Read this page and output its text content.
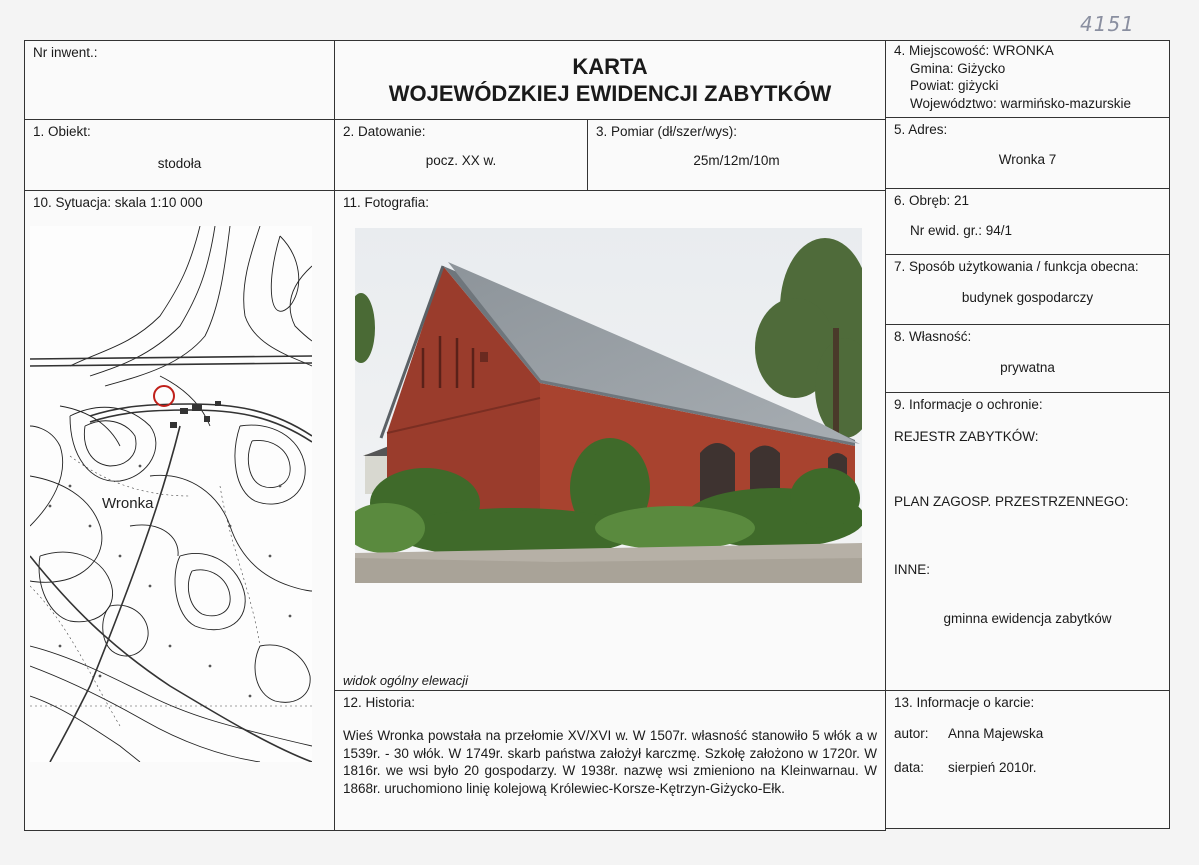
4151
Nr inwent.:
KARTA
WOJEWÓDZKIEJ EWIDENCJI ZABYTKÓW
4. Miejscowość: WRONKA
Gmina: Giżycko
Powiat: giżycki
Województwo: warmińsko-mazurskie
1. Obiekt:
stodoła
2. Datowanie:
pocz. XX w.
3. Pomiar (dł/szer/wys):
25m/12m/10m
5. Adres:
Wronka 7
10. Sytuacja: skala 1:10 000
Wronka
11. Fotografia:
widok ogólny elewacji
6. Obręb: 21
Nr ewid. gr.: 94/1
7. Sposób użytkowania / funkcja obecna:
budynek gospodarczy
8. Własność:
prywatna
9. Informacje o ochronie:
REJESTR ZABYTKÓW:
PLAN ZAGOSP. PRZESTRZENNEGO:
INNE:
gminna ewidencja zabytków
12. Historia:
Wieś Wronka powstała na przełomie XV/XVI w. W 1507r. własność stanowiło 5 włók a w 1539r. - 30 włók. W 1749r. skarb państwa założył karczmę. Szkołę założono w 1720r. W 1816r. we wsi było 20 gospodarzy. W 1938r. nazwę wsi zmieniono na Kleinwarnau. W 1868r. uruchomiono linię kolejową Królewiec-Korsze-Kętrzyn-Giżycko-Ełk.
13. Informacje o karcie:
autor: Anna Majewska
data: sierpień 2010r.
